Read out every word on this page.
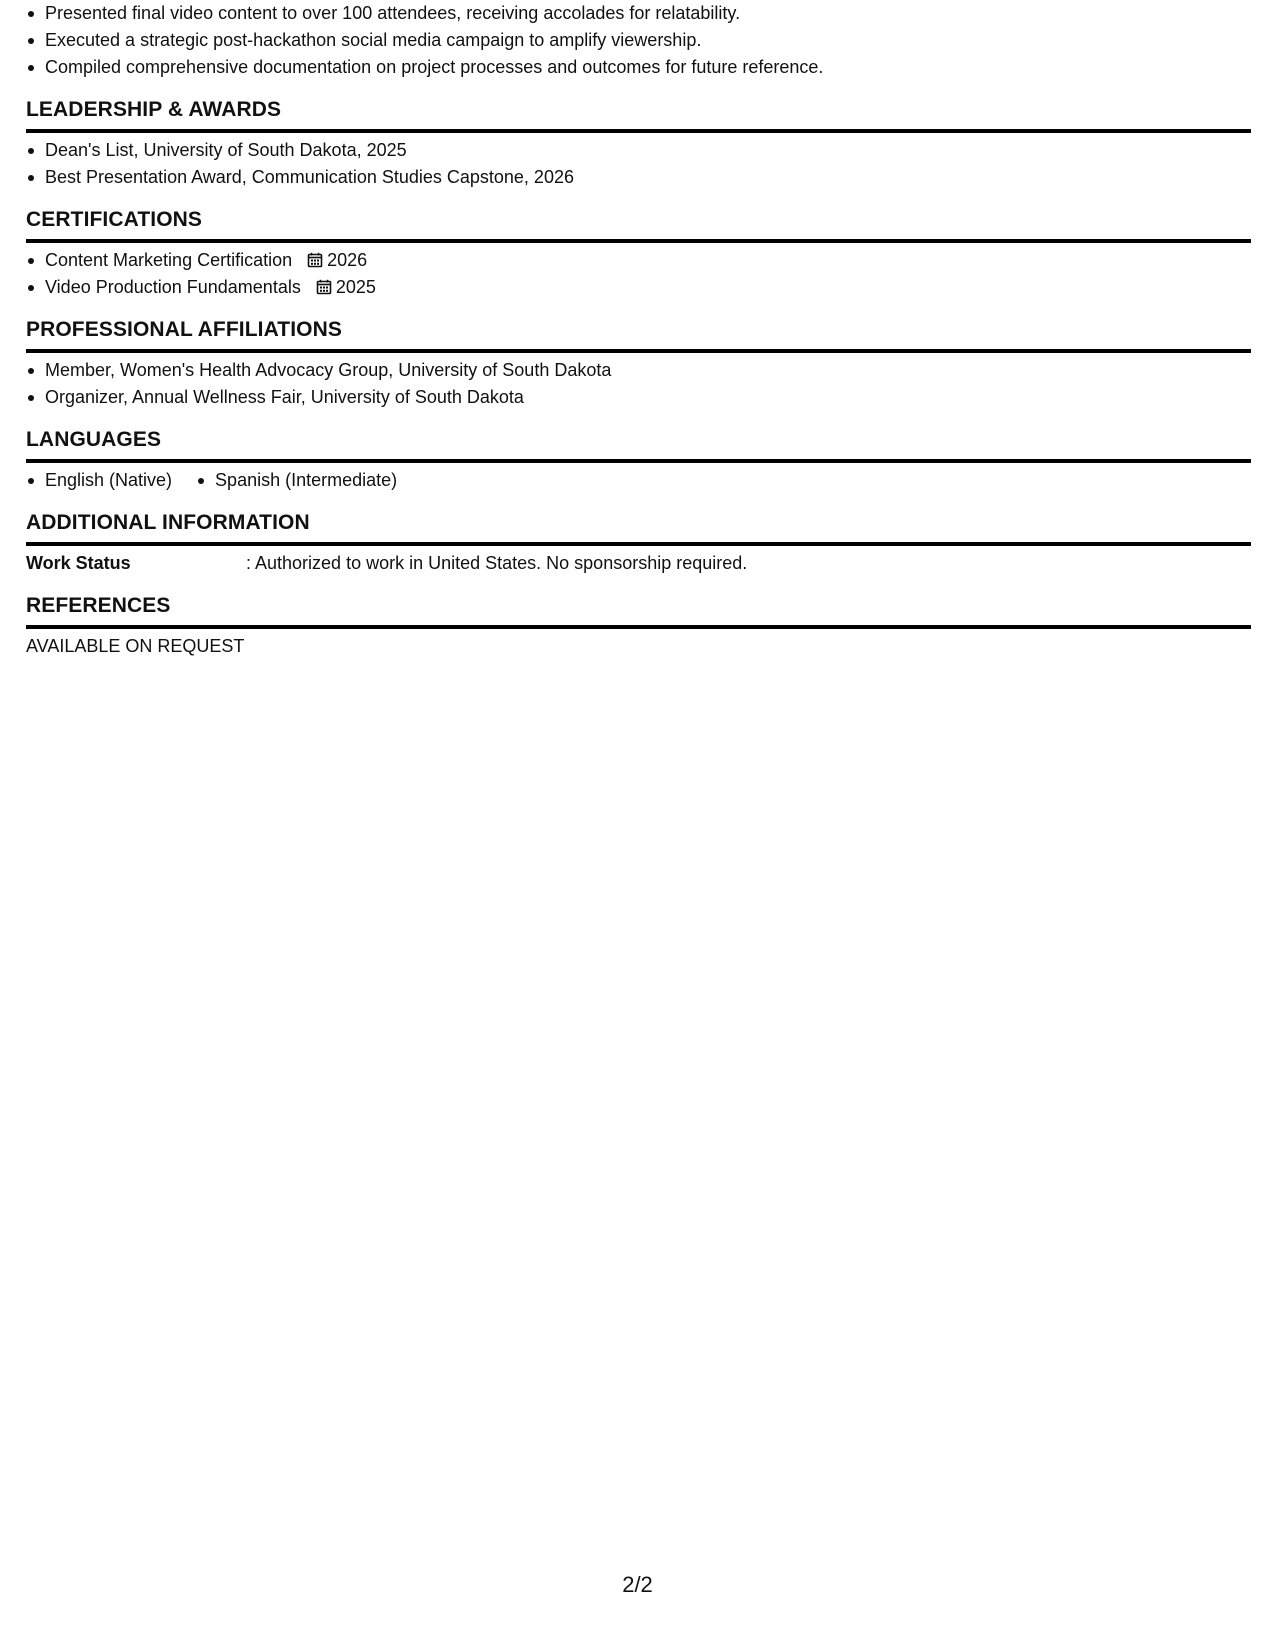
Presented final video content to over 100 attendees, receiving accolades for relatability.
Executed a strategic post-hackathon social media campaign to amplify viewership.
Compiled comprehensive documentation on project processes and outcomes for future reference.
LEADERSHIP & AWARDS
Dean's List, University of South Dakota, 2025
Best Presentation Award, Communication Studies Capstone, 2026
CERTIFICATIONS
Content Marketing Certification 2026
Video Production Fundamentals 2025
PROFESSIONAL AFFILIATIONS
Member, Women's Health Advocacy Group, University of South Dakota
Organizer, Annual Wellness Fair, University of South Dakota
LANGUAGES
English (Native)	Spanish (Intermediate)
ADDITIONAL INFORMATION
Work Status	: Authorized to work in United States. No sponsorship required.
REFERENCES
AVAILABLE ON REQUEST
2/2
